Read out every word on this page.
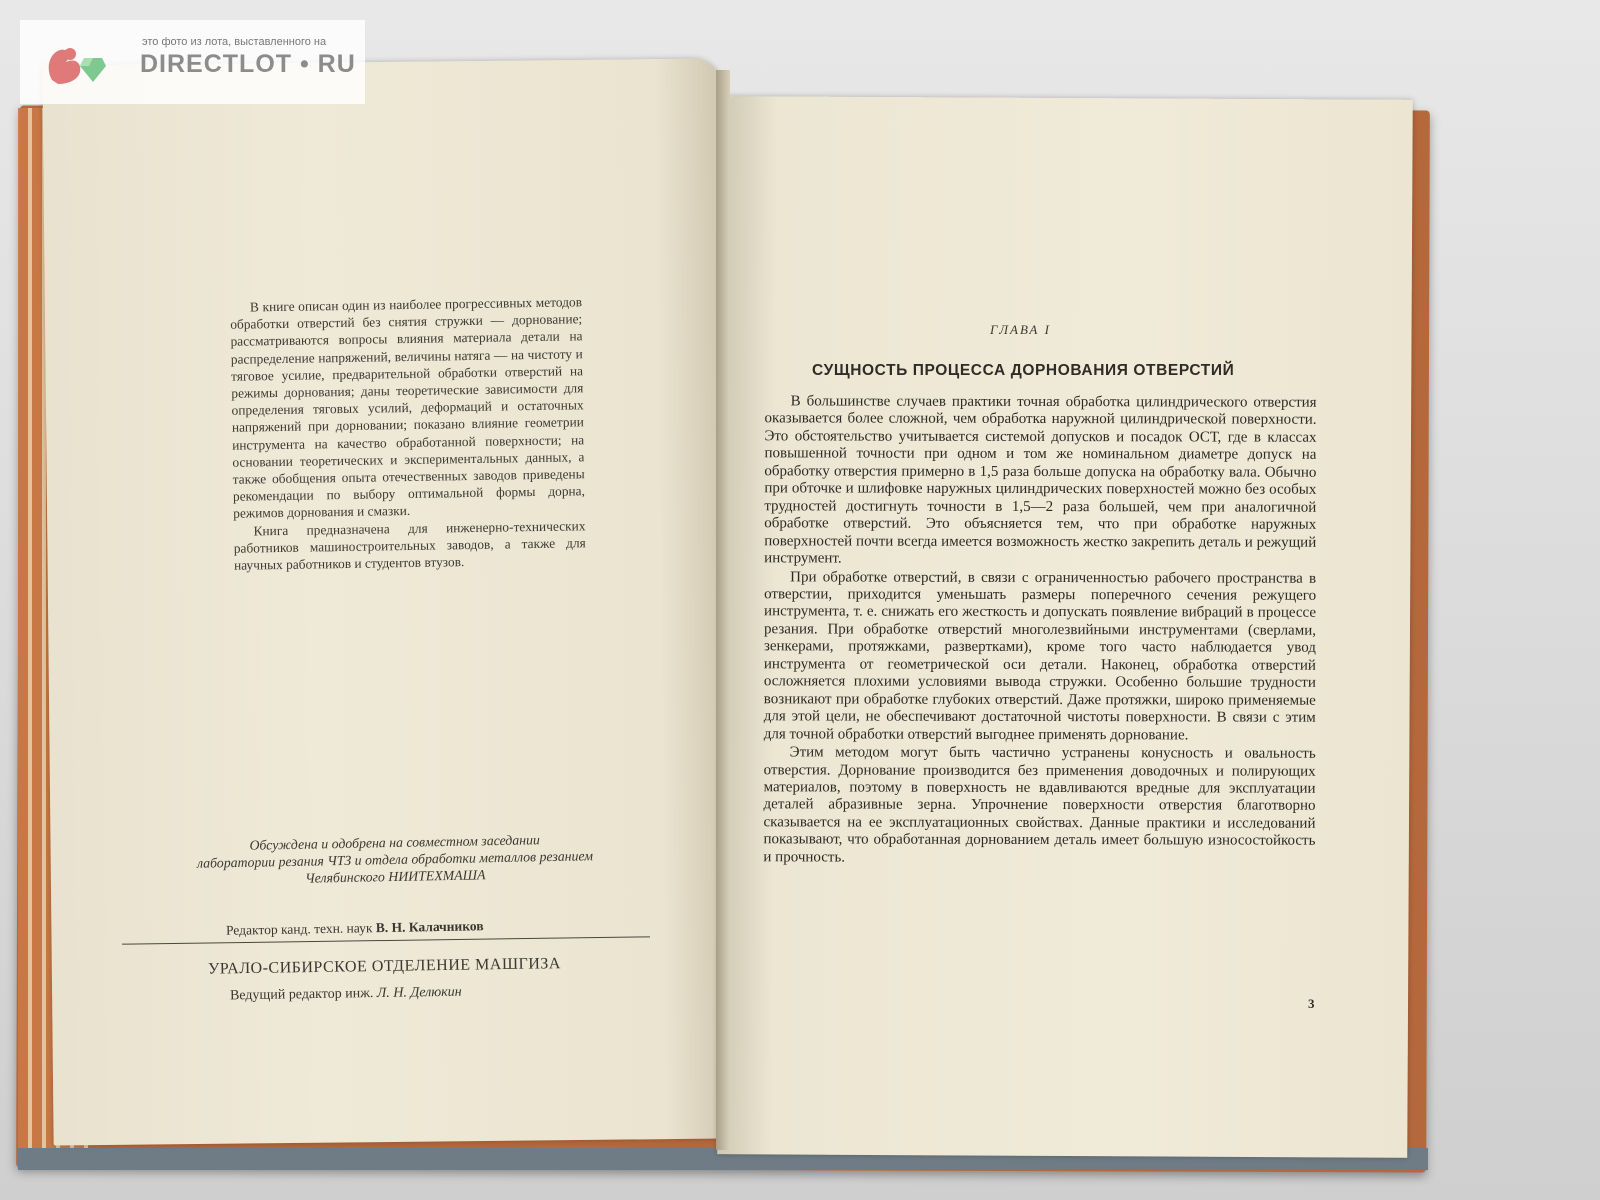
В книге описан один из наиболее прогрессивных методов обработки отверстий без снятия стружки — дорнование; рассматриваются вопросы влияния материала детали на распределение напряжений, величины натяга — на чистоту и тяговое усилие, предварительной обработки отверстий на режимы дорнования; даны теоретические зависимости для определения тяговых усилий, деформаций и остаточных напряжений при дорновании; показано влияние геометрии инструмента на качество обработанной поверхности; на основании теоретических и экспериментальных данных, а также обобщения опыта отечественных заводов приведены рекомендации по выбору оптимальной формы дорна, режимов дорнования и смазки.

Книга предназначена для инженерно-технических работников машиностроительных заводов, а также для научных работников и студентов втузов.

Обсуждена и одобрена на совместном заседании
лаборатории резания ЧТЗ и отдела обработки металлов резанием
Челябинского НИИТЕХМАША
Редактор канд. техн. наук В. Н. Калачников
УРАЛО-СИБИРСКОЕ ОТДЕЛЕНИЕ МАШГИЗА
Ведущий редактор инж. Л. Н. Делюкин
ГЛАВА I
СУЩНОСТЬ ПРОЦЕССА ДОРНОВАНИЯ ОТВЕРСТИЙ

В большинстве случаев практики точная обработка цилиндрического отверстия оказывается более сложной, чем обработка наружной цилиндрической поверхности. Это обстоятельство учитывается системой допусков и посадок ОСТ, где в классах повышенной точности при одном и том же номинальном диаметре допуск на обработку отверстия примерно в 1,5 раза больше допуска на обработку вала. Обычно при обточке и шлифовке наружных цилиндрических поверхностей можно без особых трудностей достигнуть точности в 1,5—2 раза большей, чем при аналогичной обработке отверстий. Это объясняется тем, что при обработке наружных поверхностей почти всегда имеется возможность жестко закрепить деталь и режущий инструмент.

При обработке отверстий, в связи с ограниченностью рабочего пространства в отверстии, приходится уменьшать размеры поперечного сечения режущего инструмента, т. е. снижать его жесткость и допускать появление вибраций в процессе резания. При обработке отверстий многолезвийными инструментами (сверлами, зенкерами, протяжками, развертками), кроме того часто наблюдается увод инструмента от геометрической оси детали. Наконец, обработка отверстий осложняется плохими условиями вывода стружки. Особенно большие трудности возникают при обработке глубоких отверстий. Даже протяжки, широко применяемые для этой цели, не обеспечивают достаточной чистоты поверхности. В связи с этим для точной обработки отверстий выгоднее применять дорнование.

Этим методом могут быть частично устранены конусность и овальность отверстия. Дорнование производится без применения доводочных и полирующих материалов, поэтому в поверхность не вдавливаются вредные для эксплуатации деталей абразивные зерна. Упрочнение поверхности отверстия благотворно сказывается на ее эксплуатационных свойствах. Данные практики и исследований показывают, что обработанная дорнованием деталь имеет большую износостойкость и прочность.

3
это фото из лота, выставленного на
DIRECTLOT • RU
